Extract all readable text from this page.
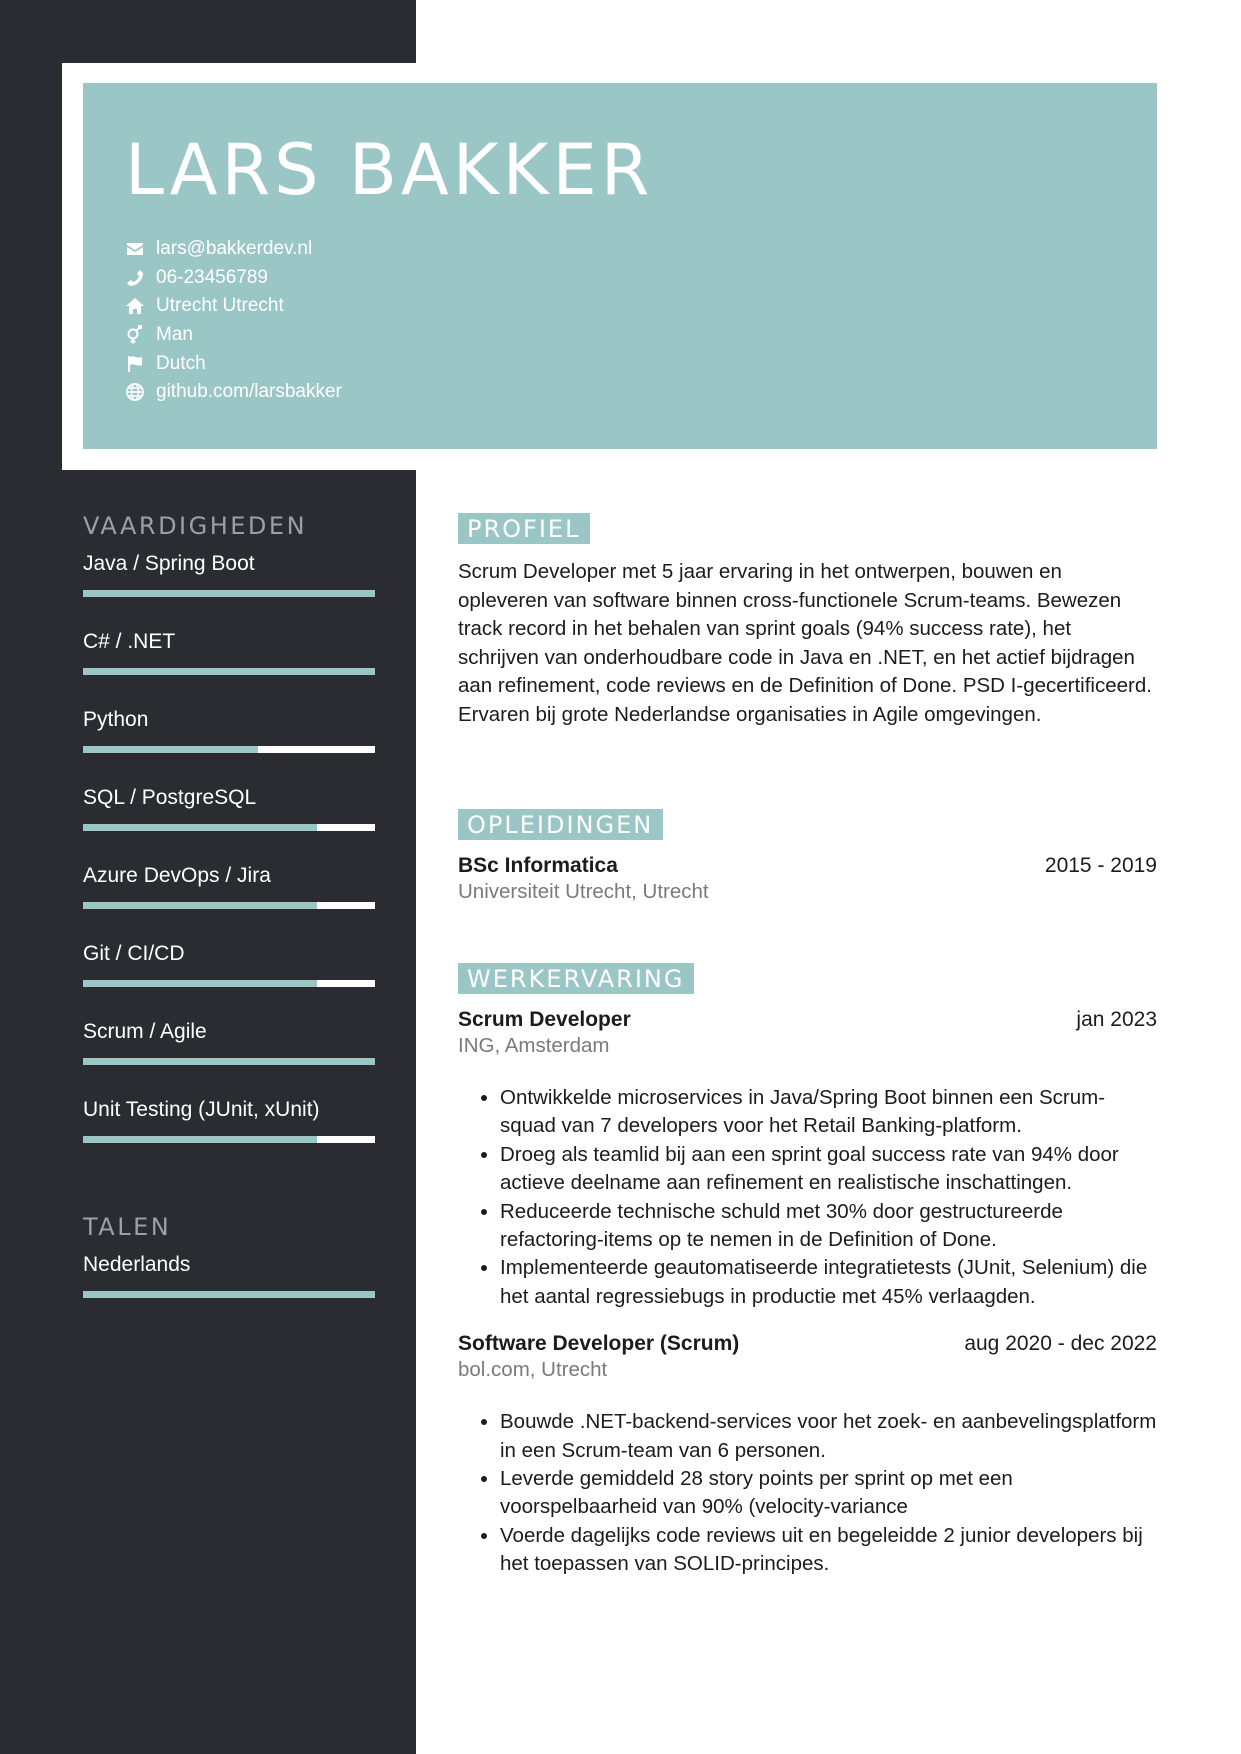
LARS BAKKER
lars@bakkerdev.nl
06-23456789
Utrecht Utrecht
Man
Dutch
github.com/larsbakker
VAARDIGHEDEN
Java / Spring Boot
C# / .NET
Python
SQL / PostgreSQL
Azure DevOps / Jira
Git / CI/CD
Scrum / Agile
Unit Testing (JUnit, xUnit)
TALEN
Nederlands
PROFIEL

Scrum Developer met 5 jaar ervaring in het ontwerpen, bouwen en opleveren van software binnen cross-functionele Scrum-teams. Bewezen track record in het behalen van sprint goals (94% success rate), het schrijven van onderhoudbare code in Java en .NET, en het actief bijdragen aan refinement, code reviews en de Definition of Done. PSD I-gecertificeerd. Ervaren bij grote Nederlandse organisaties in Agile omgevingen.

OPLEIDINGEN
BSc Informatica	2015 - 2019
Universiteit Utrecht, Utrecht
WERKERVARING
Scrum Developer	jan 2023
ING, Amsterdam
• Ontwikkelde microservices in Java/Spring Boot binnen een Scrum-squad van 7 developers voor het Retail Banking-platform.
• Droeg als teamlid bij aan een sprint goal success rate van 94% door actieve deelname aan refinement en realistische inschattingen.
• Reduceerde technische schuld met 30% door gestructureerde refactoring-items op te nemen in de Definition of Done.
• Implementeerde geautomatiseerde integratietests (JUnit, Selenium) die het aantal regressiebugs in productie met 45% verlaagden.
Software Developer (Scrum)	aug 2020 - dec 2022
bol.com, Utrecht
• Bouwde .NET-backend-services voor het zoek- en aanbevelingsplatform in een Scrum-team van 6 personen.
• Leverde gemiddeld 28 story points per sprint op met een voorspelbaarheid van 90% (velocity-variance
• Voerde dagelijks code reviews uit en begeleidde 2 junior developers bij het toepassen van SOLID-principes.
